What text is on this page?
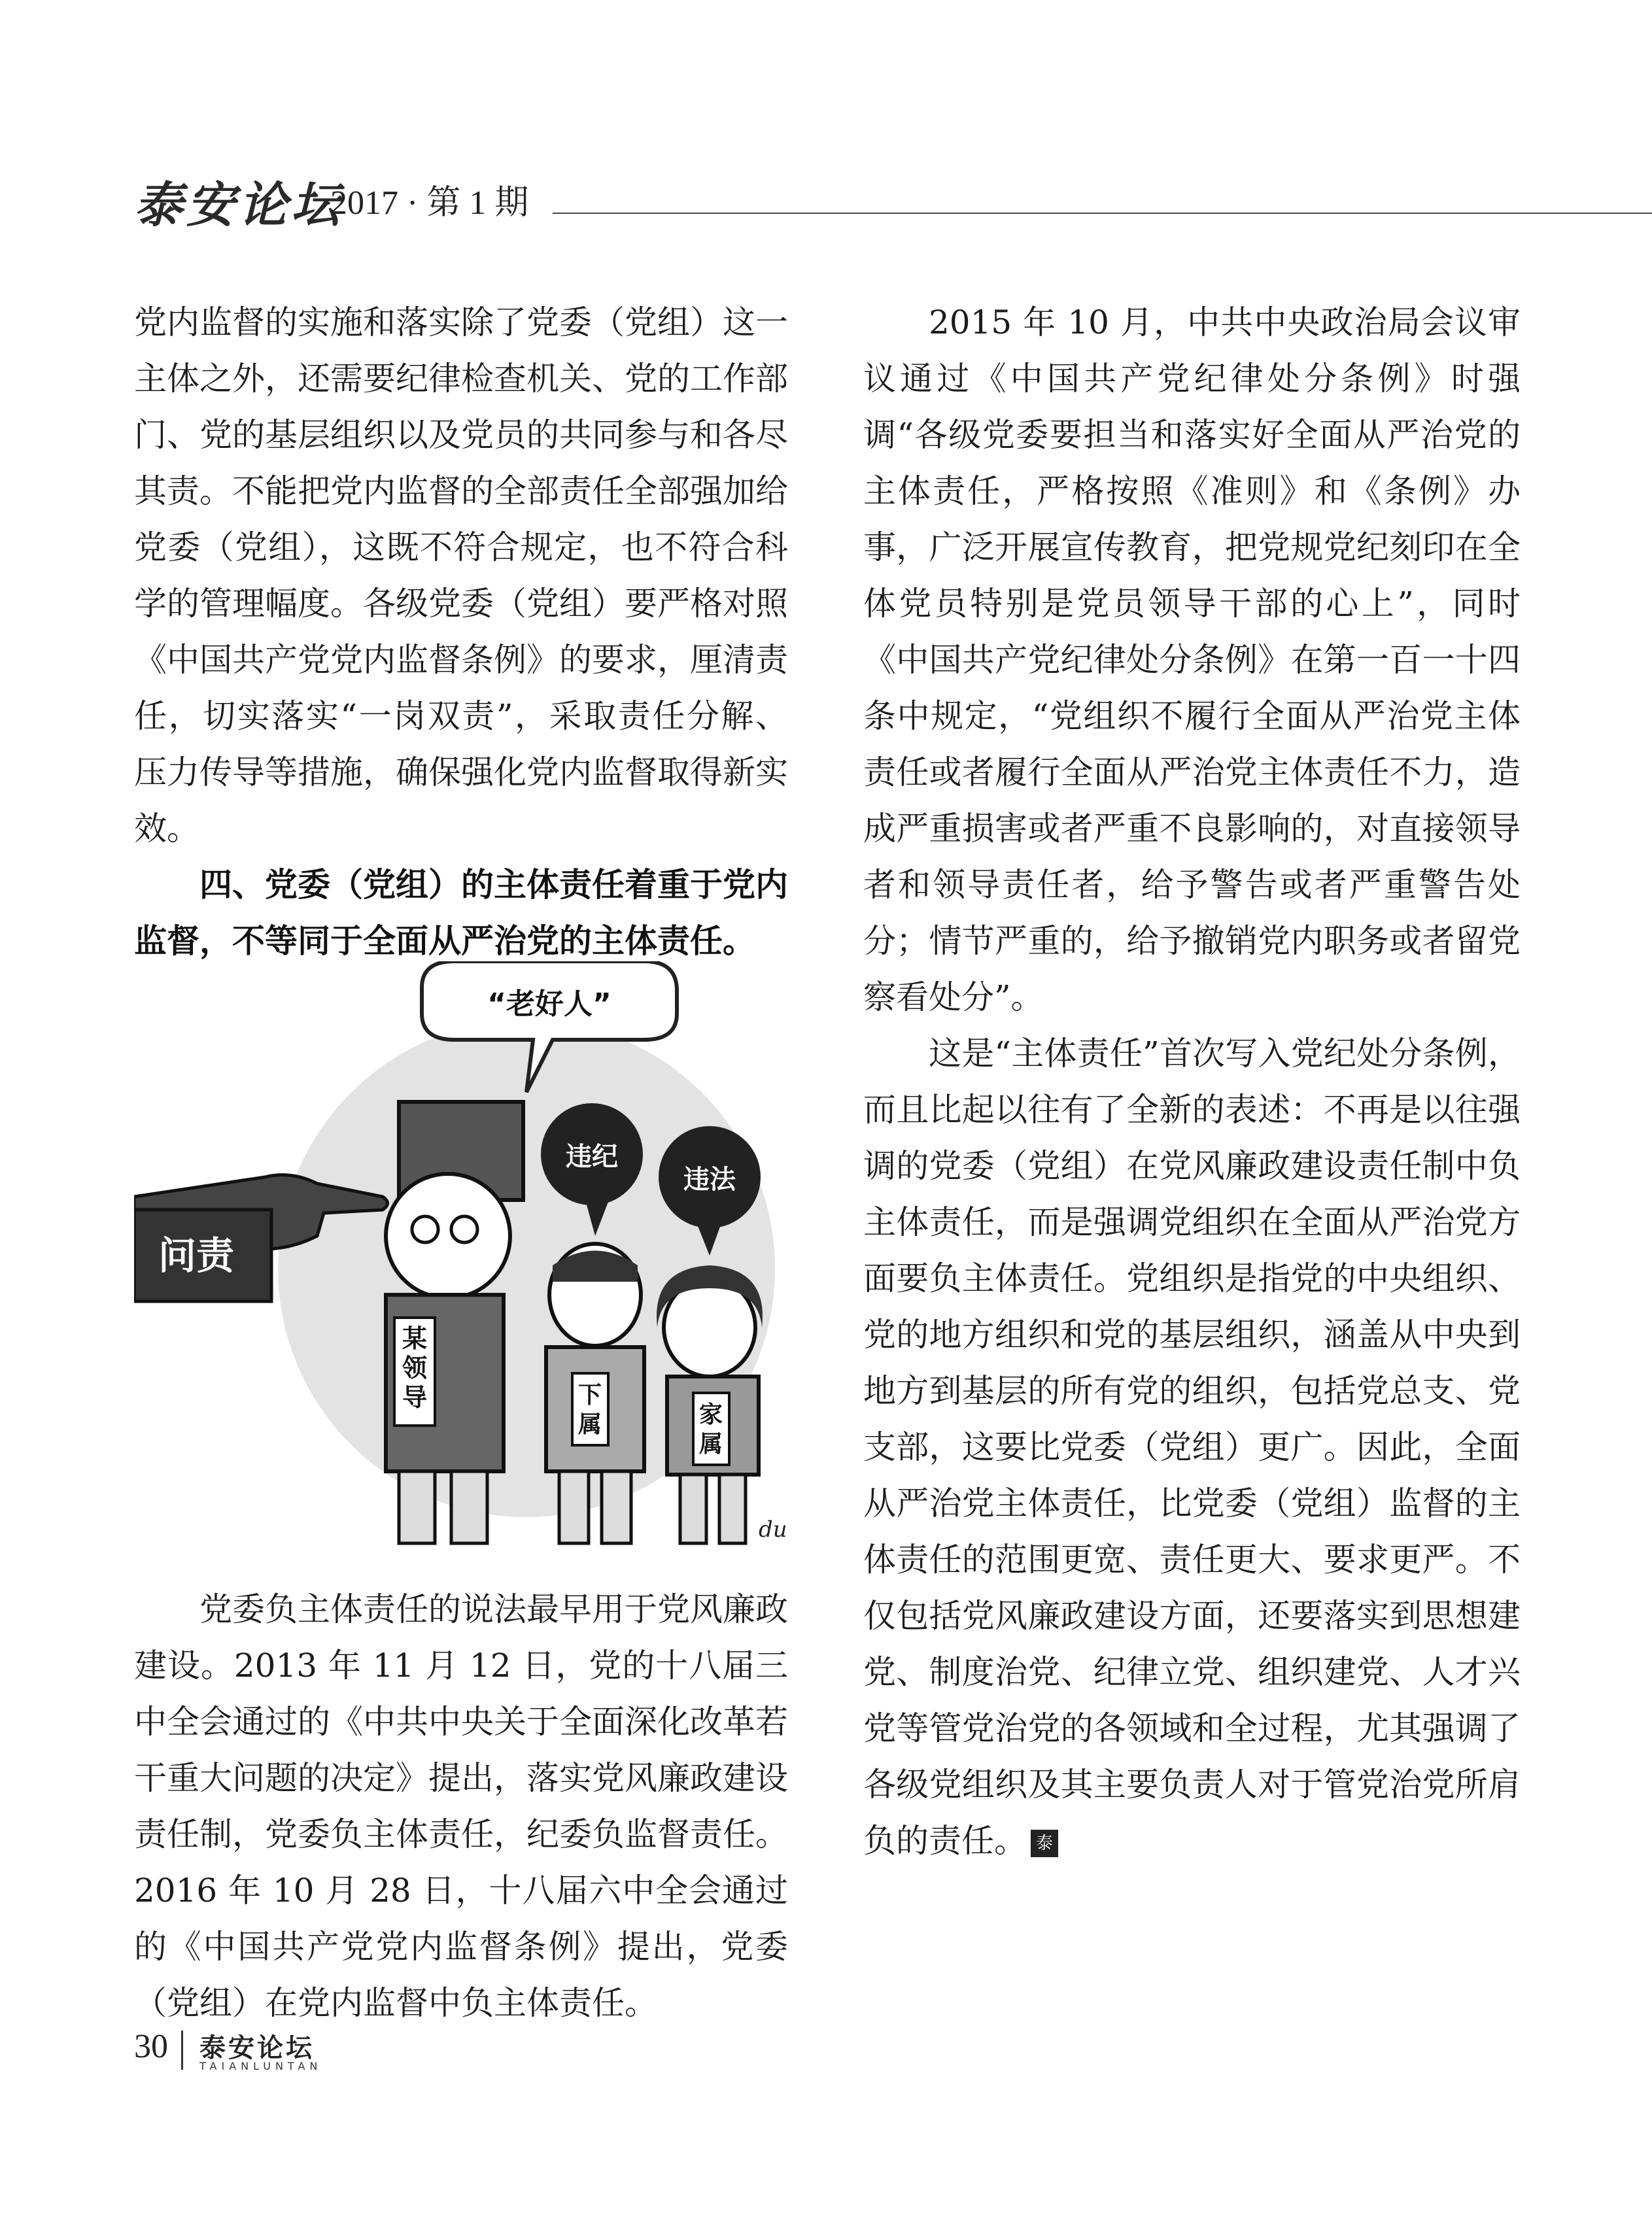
泰安论坛
2017 · 第 1 期

党内监督的实施和落实除了党委（党组）这一主体之外，还需要纪律检查机关、党的工作部门、党的基层组织以及党员的共同参与和各尽其责。不能把党内监督的全部责任全部强加给党委（党组），这既不符合规定，也不符合科学的管理幅度。各级党委（党组）要严格对照《中国共产党党内监督条例》的要求，厘清责任，切实落实“一岗双责”，采取责任分解、压力传导等措施，确保强化党内监督取得新实效。

四、党委（党组）的主体责任着重于党内监督，不等同于全面从严治党的主体责任。

“老好人”
违纪
违法
问责
某领导	下属	家属
du

党委负主体责任的说法最早用于党风廉政建设。2013 年 11 月 12 日，党的十八届三中全会通过的《中共中央关于全面深化改革若干重大问题的决定》提出，落实党风廉政建设责任制，党委负主体责任，纪委负监督责任。2016 年 10 月 28 日，十八届六中全会通过的《中国共产党党内监督条例》提出，党委（党组）在党内监督中负主体责任。

2015 年 10 月，中共中央政治局会议审议通过《中国共产党纪律处分条例》时强调“各级党委要担当和落实好全面从严治党的主体责任，严格按照《准则》和《条例》办事，广泛开展宣传教育，把党规党纪刻印在全体党员特别是党员领导干部的心上”，同时《中国共产党纪律处分条例》在第一百一十四条中规定，“党组织不履行全面从严治党主体责任或者履行全面从严治党主体责任不力，造成严重损害或者严重不良影响的，对直接领导者和领导责任者，给予警告或者严重警告处分；情节严重的，给予撤销党内职务或者留党察看处分”。

这是“主体责任”首次写入党纪处分条例，而且比起以往有了全新的表述：不再是以往强调的党委（党组）在党风廉政建设责任制中负主体责任，而是强调党组织在全面从严治党方面要负主体责任。党组织是指党的中央组织、党的地方组织和党的基层组织，涵盖从中央到地方到基层的所有党的组织，包括党总支、党支部，这要比党委（党组）更广。因此，全面从严治党主体责任，比党委（党组）监督的主体责任的范围更宽、责任更大、要求更严。不仅包括党风廉政建设方面，还要落实到思想建党、制度治党、纪律立党、组织建党、人才兴党等管党治党的各领域和全过程，尤其强调了各级党组织及其主要负责人对于管党治党所肩负的责任。 泰

30 泰安论坛
TAIANLUNTAN
